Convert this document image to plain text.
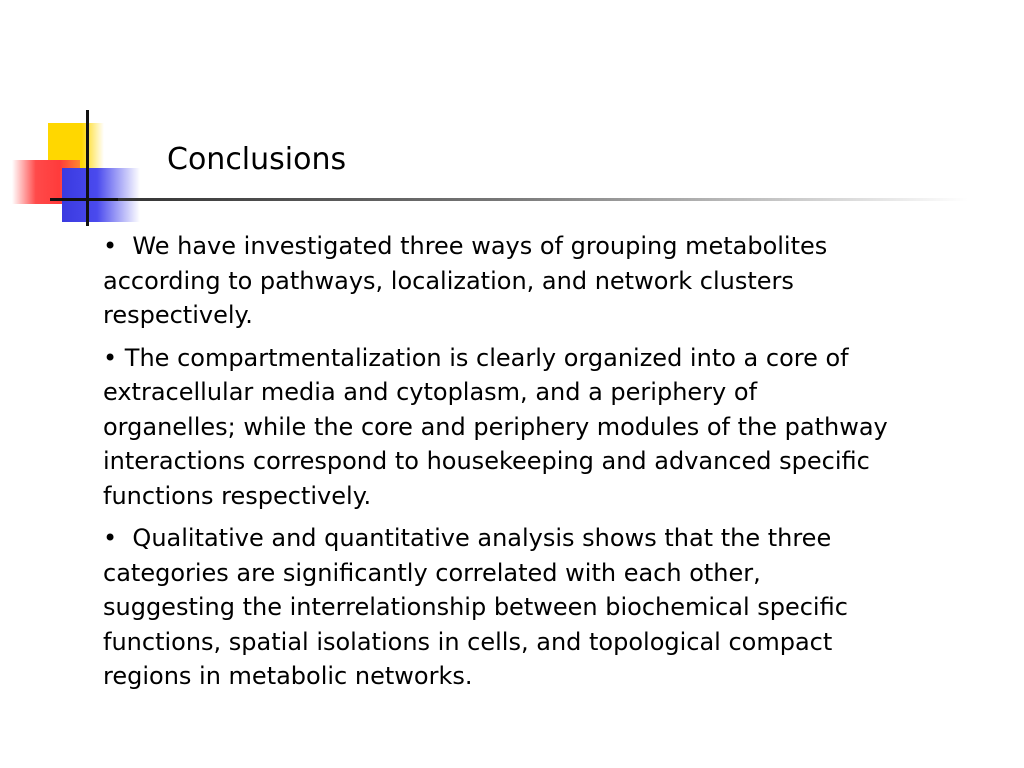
Conclusions

• We have investigated three ways of grouping metabolites according to pathways, localization, and network clusters respectively.

• The compartmentalization is clearly organized into a core of extracellular media and cytoplasm, and a periphery of organelles; while the core and periphery modules of the pathway interactions correspond to housekeeping and advanced specific functions respectively.

• Qualitative and quantitative analysis shows that the three categories are significantly correlated with each other, suggesting the interrelationship between biochemical specific functions, spatial isolations in cells, and topological compact regions in metabolic networks.
